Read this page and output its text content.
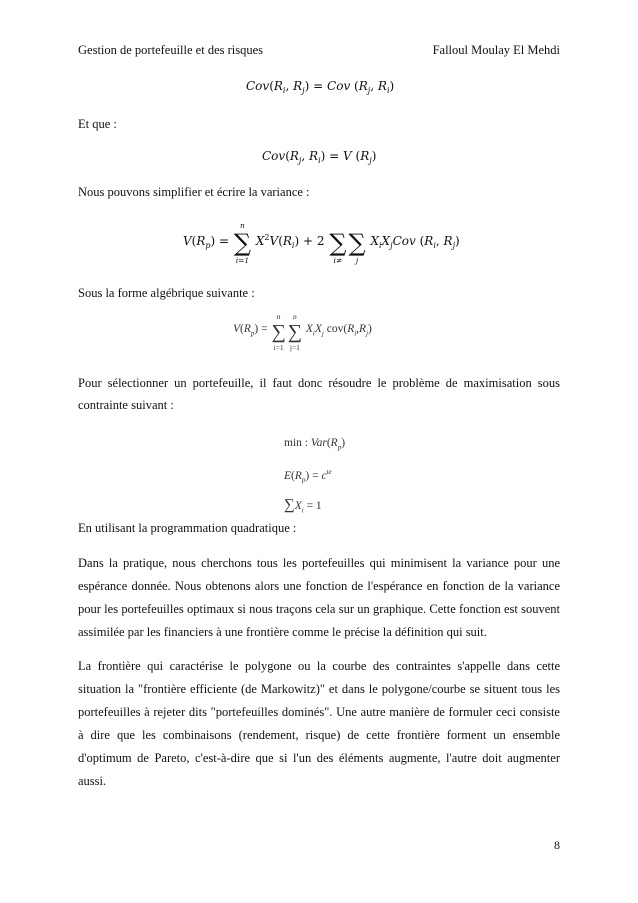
Gestion de portefeuille et des risques	Falloul Moulay El Mehdi
$Cov(R_i$, $R_j$) = Cov ($R_j$, $R_i$)
Et que :
$Cov(R_j$, $R_i) = V$ $(R_j)$
Nous pouvons simplifier et écrire la variance :
$V(R_p)$ = ∑
n
i=1
$X^2V(R_i) + 2$ ∑
i≠
∑
j
$X_iX_jCov$ ($R_i$, $R_j$)
Sous la forme algébrique suivante :
$V(R_p)$ = ∑
n
i=1
∑
n
j=1
$X_iX_j$ $cov(R_i,R_j)$
Pour sélectionner un portefeuille, il faut donc résoudre le problème de maximisation sous contrainte suivant :
min : $Var(R_p)$
$E(R_p) = c^{te}$
$\sum X_i = 1$
En utilisant la programmation quadratique :
Dans la pratique, nous cherchons tous les portefeuilles qui minimisent la variance pour une espérance donnée. Nous obtenons alors une fonction de l'espérance en fonction de la variance pour les portefeuilles optimaux si nous traçons cela sur un graphique. Cette fonction est souvent assimilée par les financiers à une frontière comme le précise la définition qui suit.
La frontière qui caractérise le polygone ou la courbe des contraintes s'appelle dans cette situation la "frontière efficiente (de Markowitz)" et dans le polygone/courbe se situent tous les portefeuilles à rejeter dits "portefeuilles dominés". Une autre manière de formuler ceci consiste à dire que les combinaisons (rendement, risque) de cette frontière forment un ensemble d'optimum de Pareto, c'est-à-dire que si l'un des éléments augmente, l'autre doit augmenter aussi.
8
